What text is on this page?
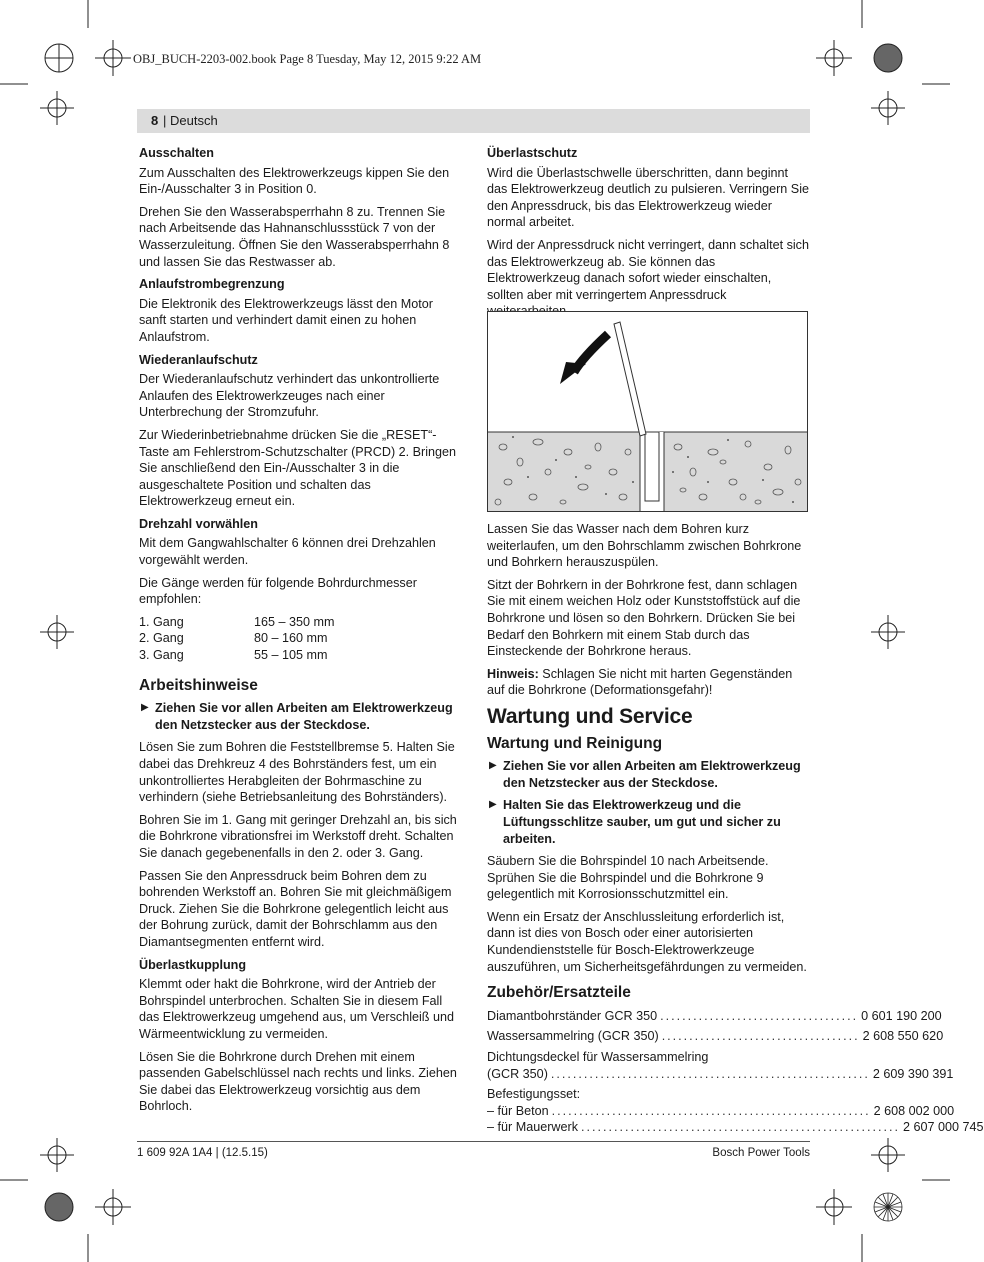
OBJ_BUCH-2203-002.book Page 8 Tuesday, May 12, 2015 9:22 AM
8 | Deutsch
Ausschalten

Zum Ausschalten des Elektrowerkzeugs kippen Sie den Ein-/Ausschalter 3 in Position 0.

Drehen Sie den Wasserabsperrhahn 8 zu. Trennen Sie nach Arbeitsende das Hahnanschlussstück 7 von der Wasserzuleitung. Öffnen Sie den Wasserabsperrhahn 8 und lassen Sie das Restwasser ab.

Anlaufstrombegrenzung

Die Elektronik des Elektrowerkzeugs lässt den Motor sanft starten und verhindert damit einen zu hohen Anlaufstrom.

Wiederanlaufschutz

Der Wiederanlaufschutz verhindert das unkontrollierte Anlaufen des Elektrowerkzeuges nach einer Unterbrechung der Stromzufuhr.

Zur Wiederinbetriebnahme drücken Sie die „RESET“-Taste am Fehlerstrom-Schutzschalter (PRCD) 2. Bringen Sie anschließend den Ein-/Ausschalter 3 in die ausgeschaltete Position und schalten das Elektrowerkzeug erneut ein.

Drehzahl vorwählen

Mit dem Gangwahlschalter 6 können drei Drehzahlen vorgewählt werden.

Die Gänge werden für folgende Bohrdurchmesser empfohlen:

1. Gang	165 – 350 mm
2. Gang	80 – 160 mm
3. Gang	55 – 105 mm
Arbeitshinweise
▶ Ziehen Sie vor allen Arbeiten am Elektrowerkzeug den Netzstecker aus der Steckdose.

Lösen Sie zum Bohren die Feststellbremse 5. Halten Sie dabei das Drehkreuz 4 des Bohrständers fest, um ein unkontrolliertes Herabgleiten der Bohrmaschine zu verhindern (siehe Betriebsanleitung des Bohrständers).

Bohren Sie im 1. Gang mit geringer Drehzahl an, bis sich die Bohrkrone vibrationsfrei im Werkstoff dreht. Schalten Sie danach gegebenenfalls in den 2. oder 3. Gang.

Passen Sie den Anpressdruck beim Bohren dem zu bohrenden Werkstoff an. Bohren Sie mit gleichmäßigem Druck. Ziehen Sie die Bohrkrone gelegentlich leicht aus der Bohrung zurück, damit der Bohrschlamm aus den Diamantsegmenten entfernt wird.

Überlastkupplung

Klemmt oder hakt die Bohrkrone, wird der Antrieb der Bohrspindel unterbrochen. Schalten Sie in diesem Fall das Elektrowerkzeug umgehend aus, um Verschleiß und Wärmeentwicklung zu vermeiden.

Lösen Sie die Bohrkrone durch Drehen mit einem passenden Gabelschlüssel nach rechts und links. Ziehen Sie dabei das Elektrowerkzeug vorsichtig aus dem Bohrloch.

Überlastschutz

Wird die Überlastschwelle überschritten, dann beginnt das Elektrowerkzeug deutlich zu pulsieren. Verringern Sie den Anpressdruck, bis das Elektrowerkzeug wieder normal arbeitet.

Wird der Anpressdruck nicht verringert, dann schaltet sich das Elektrowerkzeug ab. Sie können das Elektrowerkzeug danach sofort wieder einschalten, sollten aber mit verringertem Anpressdruck

Lassen Sie das Wasser nach dem Bohren kurz weiterlaufen, um den Bohrschlamm zwischen Bohrkrone und Bohrkern herauszuspülen.

Sitzt der Bohrkern in der Bohrkrone fest, dann schlagen Sie mit einem weichen Holz oder Kunststoffstück auf die Bohrkrone und lösen so den Bohrkern. Drücken Sie bei Bedarf den Bohrkern mit einem Stab durch das Einsteckende der Bohrkrone heraus.

Hinweis: Schlagen Sie nicht mit harten Gegenständen auf die Bohrkrone (Deformationsgefahr)!

Wartung und Service
Wartung und Reinigung
▶ Ziehen Sie vor allen Arbeiten am Elektrowerkzeug den Netzstecker aus der Steckdose.
▶ Halten Sie das Elektrowerkzeug und die Lüftungsschlitze sauber, um gut und sicher zu arbeiten.

Säubern Sie die Bohrspindel 10 nach Arbeitsende. Sprühen Sie die Bohrspindel und die Bohrkrone 9 gelegentlich mit Korrosionsschutzmittel ein.

Wenn ein Ersatz der Anschlussleitung erforderlich ist, dann ist dies von Bosch oder einer autorisierten Kundendienststelle für Bosch-Elektrowerkzeuge auszuführen, um Sicherheitsgefährdungen zu vermeiden.

Zubehör/Ersatzteile
Diamantbohrständer GCR 350 .................................... 0 601 190 200
Wassersammelring (GCR 350) .................................... 2 608 550 620
Dichtungsdeckel für Wassersammelring
(GCR 350) .......................................................... 2 609 390 391
Befestigungsset:
– für Beton .......................................................... 2 608 002 000
– für Mauerwerk .......................................................... 2 607 000 745
1 609 92A 1A4 | (12.5.15)	Bosch Power Tools
